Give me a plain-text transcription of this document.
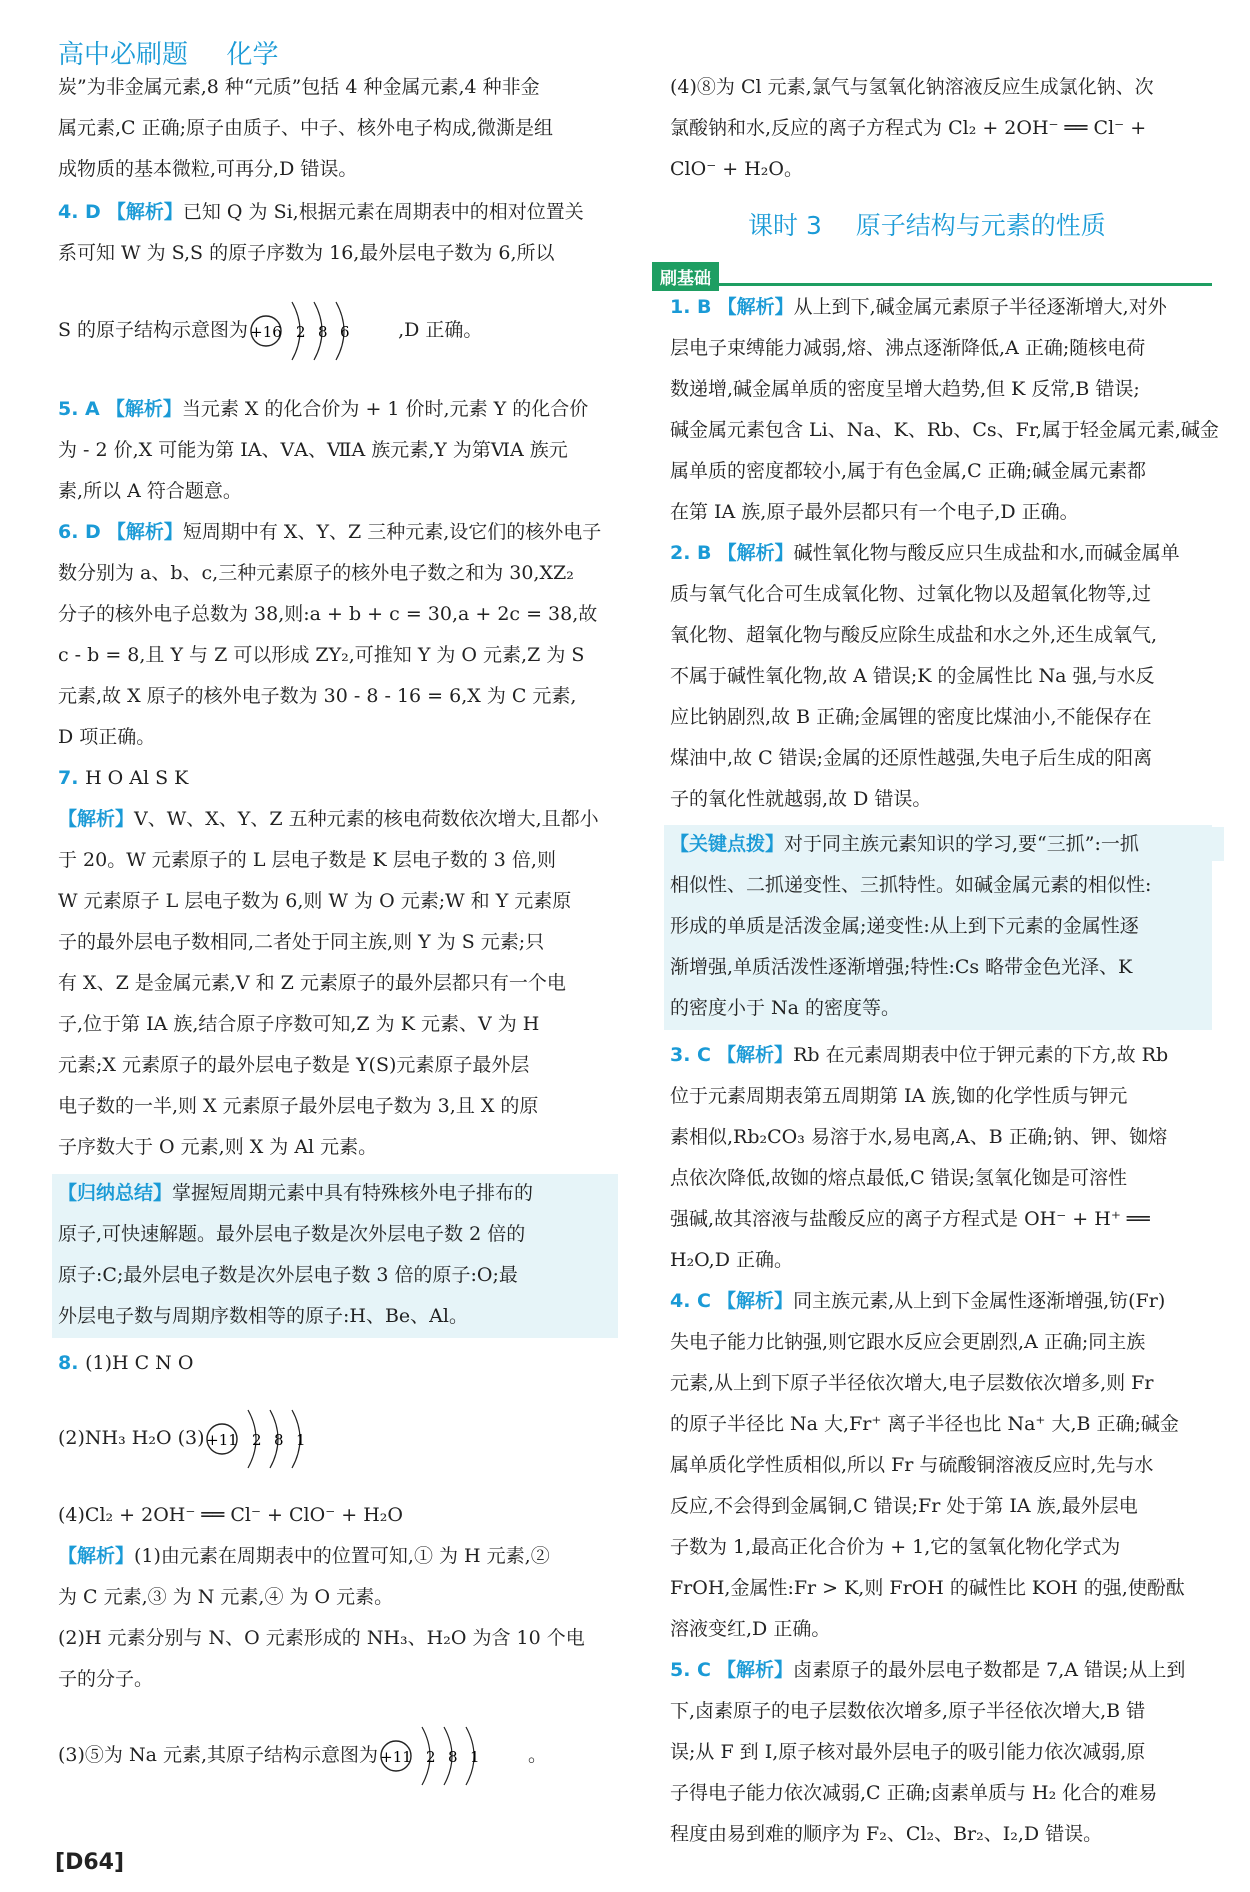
高中必刷题 化学
炭”为非金属元素,8 种“元质”包括 4 种金属元素,4 种非金
属元素,C 正确;原子由质子、中子、核外电子构成,微澌是组
成物质的基本微粒,可再分,D 错误。
4. D 【解析】已知 Q 为 Si,根据元素在周期表中的相对位置关
系可知 W 为 S,S 的原子序数为 16,最外层电子数为 6,所以
S 的原子结构示意图为 +16 2 8 6	,D 正确。
5. A 【解析】当元素 X 的化合价为 + 1 价时,元素 Y 的化合价
为 - 2 价,X 可能为第 ⅠA、ⅤA、ⅦA 族元素,Y 为第ⅥA 族元
素,所以 A 符合题意。
6. D 【解析】短周期中有 X、Y、Z 三种元素,设它们的核外电子
数分别为 a、b、c,三种元素原子的核外电子数之和为 30,XZ₂
分子的核外电子总数为 38,则:a + b + c = 30,a + 2c = 38,故
c - b = 8,且 Y 与 Z 可以形成 ZY₂,可推知 Y 为 O 元素,Z 为 S
元素,故 X 原子的核外电子数为 30 - 8 - 16 = 6,X 为 C 元素,
D 项正确。
7. H O Al S K
【解析】V、W、X、Y、Z 五种元素的核电荷数依次增大,且都小
于 20。W 元素原子的 L 层电子数是 K 层电子数的 3 倍,则
W 元素原子 L 层电子数为 6,则 W 为 O 元素;W 和 Y 元素原
子的最外层电子数相同,二者处于同主族,则 Y 为 S 元素;只
有 X、Z 是金属元素,V 和 Z 元素原子的最外层都只有一个电
子,位于第 ⅠA 族,结合原子序数可知,Z 为 K 元素、V 为 H
元素;X 元素原子的最外层电子数是 Y(S)元素原子最外层
电子数的一半,则 X 元素原子最外层电子数为 3,且 X 的原
子序数大于 O 元素,则 X 为 Al 元素。
【归纳总结】掌握短周期元素中具有特殊核外电子排布的
原子,可快速解题。最外层电子数是次外层电子数 2 倍的
原子:C;最外层电子数是次外层电子数 3 倍的原子:O;最
外层电子数与周期序数相等的原子:H、Be、Al。
8. (1)H C N O
(2)NH₃ H₂O (3) +11 2 8 1
(4)Cl₂ + 2OH⁻ ══ Cl⁻ + ClO⁻ + H₂O
【解析】(1)由元素在周期表中的位置可知,① 为 H 元素,②
为 C 元素,③ 为 N 元素,④ 为 O 元素。
(2)H 元素分别与 N、O 元素形成的 NH₃、H₂O 为含 10 个电
子的分子。
(3)⑤为 Na 元素,其原子结构示意图为 +11 2 8 1	。
(4)⑧为 Cl 元素,氯气与氢氧化钠溶液反应生成氯化钠、次
氯酸钠和水,反应的离子方程式为 Cl₂ + 2OH⁻ ══ Cl⁻ +
ClO⁻ + H₂O。
1. B 【解析】从上到下,碱金属元素原子半径逐渐增大,对外
层电子束缚能力减弱,熔、沸点逐渐降低,A 正确;随核电荷
数递增,碱金属单质的密度呈增大趋势,但 K 反常,B 错误;
碱金属元素包含 Li、Na、K、Rb、Cs、Fr,属于轻金属元素,碱金
属单质的密度都较小,属于有色金属,C 正确;碱金属元素都
在第 ⅠA 族,原子最外层都只有一个电子,D 正确。
2. B 【解析】碱性氧化物与酸反应只生成盐和水,而碱金属单
质与氧气化合可生成氧化物、过氧化物以及超氧化物等,过
氧化物、超氧化物与酸反应除生成盐和水之外,还生成氧气,
不属于碱性氧化物,故 A 错误;K 的金属性比 Na 强,与水反
应比钠剧烈,故 B 正确;金属锂的密度比煤油小,不能保存在
煤油中,故 C 错误;金属的还原性越强,失电子后生成的阳离
子的氧化性就越弱,故 D 错误。
【关键点拨】对于同主族元素知识的学习,要“三抓”:一抓
相似性、二抓递变性、三抓特性。如碱金属元素的相似性:
形成的单质是活泼金属;递变性:从上到下元素的金属性逐
渐增强,单质活泼性逐渐增强;特性:Cs 略带金色光泽、K
的密度小于 Na 的密度等。
3. C 【解析】Rb 在元素周期表中位于钾元素的下方,故 Rb
位于元素周期表第五周期第 ⅠA 族,铷的化学性质与钾元
素相似,Rb₂CO₃ 易溶于水,易电离,A、B 正确;钠、钾、铷熔
点依次降低,故铷的熔点最低,C 错误;氢氧化铷是可溶性
强碱,故其溶液与盐酸反应的离子方程式是 OH⁻ + H⁺ ══
H₂O,D 正确。
4. C 【解析】同主族元素,从上到下金属性逐渐增强,钫(Fr)
失电子能力比钠强,则它跟水反应会更剧烈,A 正确;同主族
元素,从上到下原子半径依次增大,电子层数依次增多,则 Fr
的原子半径比 Na 大,Fr⁺ 离子半径也比 Na⁺ 大,B 正确;碱金
属单质化学性质相似,所以 Fr 与硫酸铜溶液反应时,先与水
反应,不会得到金属铜,C 错误;Fr 处于第 ⅠA 族,最外层电
子数为 1,最高正化合价为 + 1,它的氢氧化物化学式为
FrOH,金属性:Fr > K,则 FrOH 的碱性比 KOH 的强,使酚酞
溶液变红,D 正确。
5. C 【解析】卤素原子的最外层电子数都是 7,A 错误;从上到
下,卤素原子的电子层数依次增多,原子半径依次增大,B 错
误;从 F 到 I,原子核对最外层电子的吸引能力依次减弱,原
子得电子能力依次减弱,C 正确;卤素单质与 H₂ 化合的难易
程度由易到难的顺序为 F₂、Cl₂、Br₂、I₂,D 错误。
课时 3 原子结构与元素的性质
刷基础
[D64]
